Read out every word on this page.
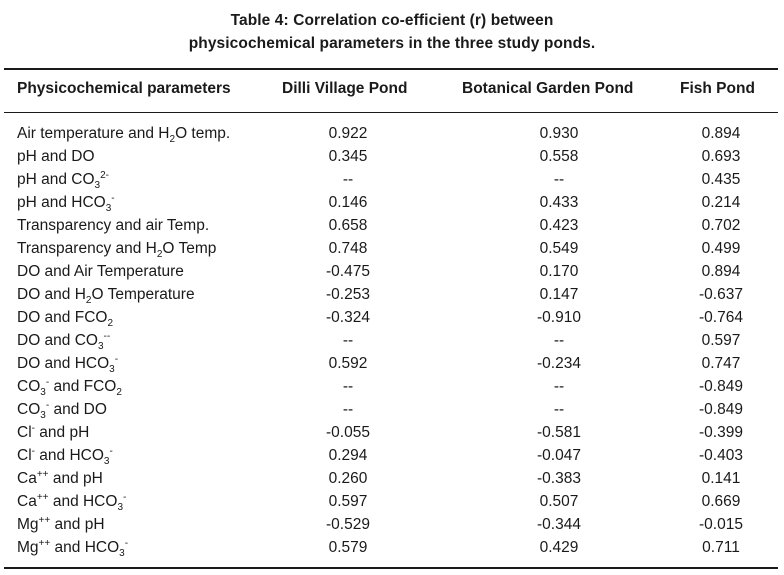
Table 4: Correlation co-efficient (r) between
physicochemical parameters in the three study ponds.
Physicochemical parameters	Dilli Village Pond	Botanical Garden Pond	Fish Pond
Air temperature and $H_2O$ temp.	0.922	0.930	0.894
pH and DO	0.345	0.558	0.693
pH and $CO_3^{2-}$	--	--	0.435
pH and $HCO_3^-$	0.146	0.433	0.214
Transparency and air Temp.	0.658	0.423	0.702
Transparency and $H_2O$ Temp	0.748	0.549	0.499
DO and Air Temperature	-0.475	0.170	0.894
DO and $H_2O$ Temperature	-0.253	0.147	-0.637
DO and $FCO_2$	-0.324	-0.910	-0.764
DO and $CO_3^{--}$	--	--	0.597
DO and $HCO_3^-$	0.592	-0.234	0.747
$CO_3^-$ and $FCO_2$	--	--	-0.849
$CO_3^-$ and DO	--	--	-0.849
Cl- and pH	-0.055	-0.581	-0.399
Cl- and $HCO_3^-$	0.294	-0.047	-0.403
Ca++ and pH	0.260	-0.383	0.141
Ca++ and $HCO_3^-$	0.597	0.507	0.669
Mg++ and pH	-0.529	-0.344	-0.015
Mg++ and $HCO_3^-$	0.579	0.429	0.711
